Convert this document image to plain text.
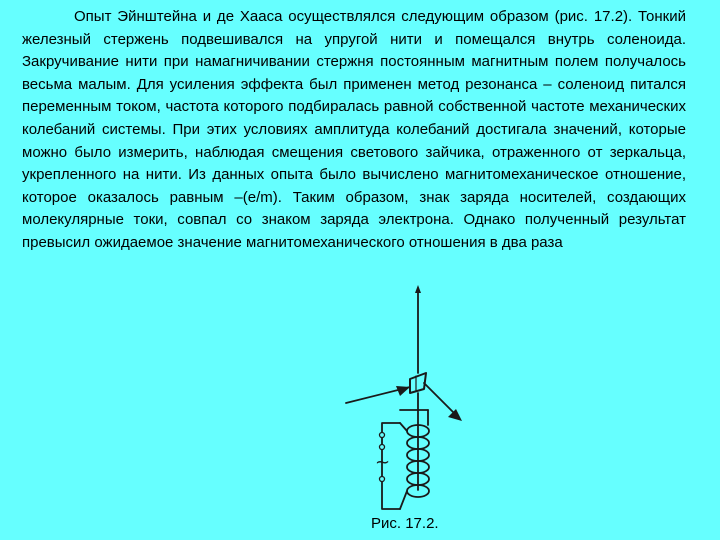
Опыт Эйнштейна и де Хааса осуществлялся следующим образом (рис. 17.2). Тонкий железный стержень подвешивался на упругой нити и помещался внутрь соленоида. Закручивание нити при намагничивании стержня постоянным магнитным полем получалось весьма малым. Для усиления эффекта был применен метод резонанса – соленоид питался переменным током, частота которого подбиралась равной собственной частоте механических колебаний системы. При этих условиях амплитуда колебаний достигала значений, которые можно было измерить, наблюдая смещения светового зайчика, отраженного от зеркальца, укрепленного на нити. Из данных опыта было вычислено магнитомеханическое отношение, которое оказалось равным –(e/m). Таким образом, знак заряда носителей, создающих молекулярные токи, совпал со знаком заряда электрона. Однако полученный результат превысил ожидаемое значение магнитомеханического отношения в два раза

~

Рис. 17.2.
